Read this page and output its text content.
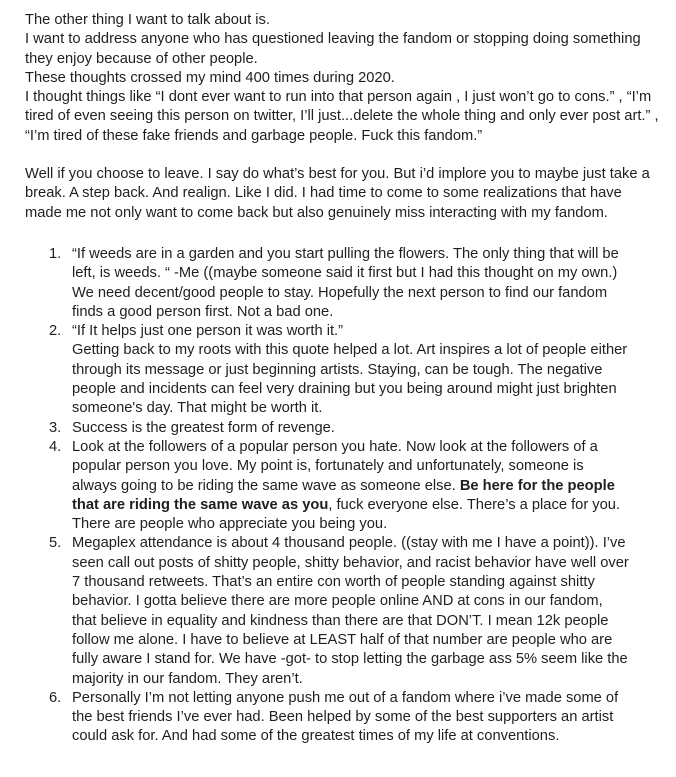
The other thing I want to talk about is.

I want to address anyone who has questioned leaving the fandom or stopping doing something they enjoy because of other people.

These thoughts crossed my mind 400 times during 2020.

I thought things like “I dont ever want to run into that person again , I just won’t go to cons.” , “I’m tired of even seeing this person on twitter, I’ll just...delete the whole thing and only ever post art.” , “I’m tired of these fake friends and garbage people. Fuck this fandom.”

Well if you choose to leave. I say do what’s best for you. But i’d implore you to maybe just take a break. A step back. And realign. Like I did. I had time to come to some realizations that have made me not only want to come back but also genuinely miss interacting with my fandom.

1. “If weeds are in a garden and you start pulling the flowers. The only thing that will be left, is weeds. “ -Me ((maybe someone said it first but I had this thought on my own.)

We need decent/good people to stay. Hopefully the next person to find our fandom finds a good person first. Not a bad one.

2. “If It helps just one person it was worth it.”

Getting back to my roots with this quote helped a lot. Art inspires a lot of people either through its message or just beginning artists. Staying, can be tough. The negative people and incidents can feel very draining but you being around might just brighten someone's day. That might be worth it.

3. Success is the greatest form of revenge.

4. Look at the followers of a popular person you hate. Now look at the followers of a popular person you love. My point is, fortunately and unfortunately, someone is always going to be riding the same wave as someone else. Be here for the people that are riding the same wave as you, fuck everyone else. There’s a place for you. There are people who appreciate you being you.

5. Megaplex attendance is about 4 thousand people. ((stay with me I have a point)). I’ve seen call out posts of shitty people, shitty behavior, and racist behavior have well over 7 thousand retweets. That’s an entire con worth of people standing against shitty behavior. I gotta believe there are more people online AND at cons in our fandom, that believe in equality and kindness than there are that DON’T. I mean 12k people follow me alone. I have to believe at LEAST half of that number are people who are fully aware I stand for. We have -got- to stop letting the garbage ass 5% seem like the majority in our fandom. They aren’t.

6. Personally I’m not letting anyone push me out of a fandom where i’ve made some of the best friends I’ve ever had. Been helped by some of the best supporters an artist could ask for. And had some of the greatest times of my life at conventions.
